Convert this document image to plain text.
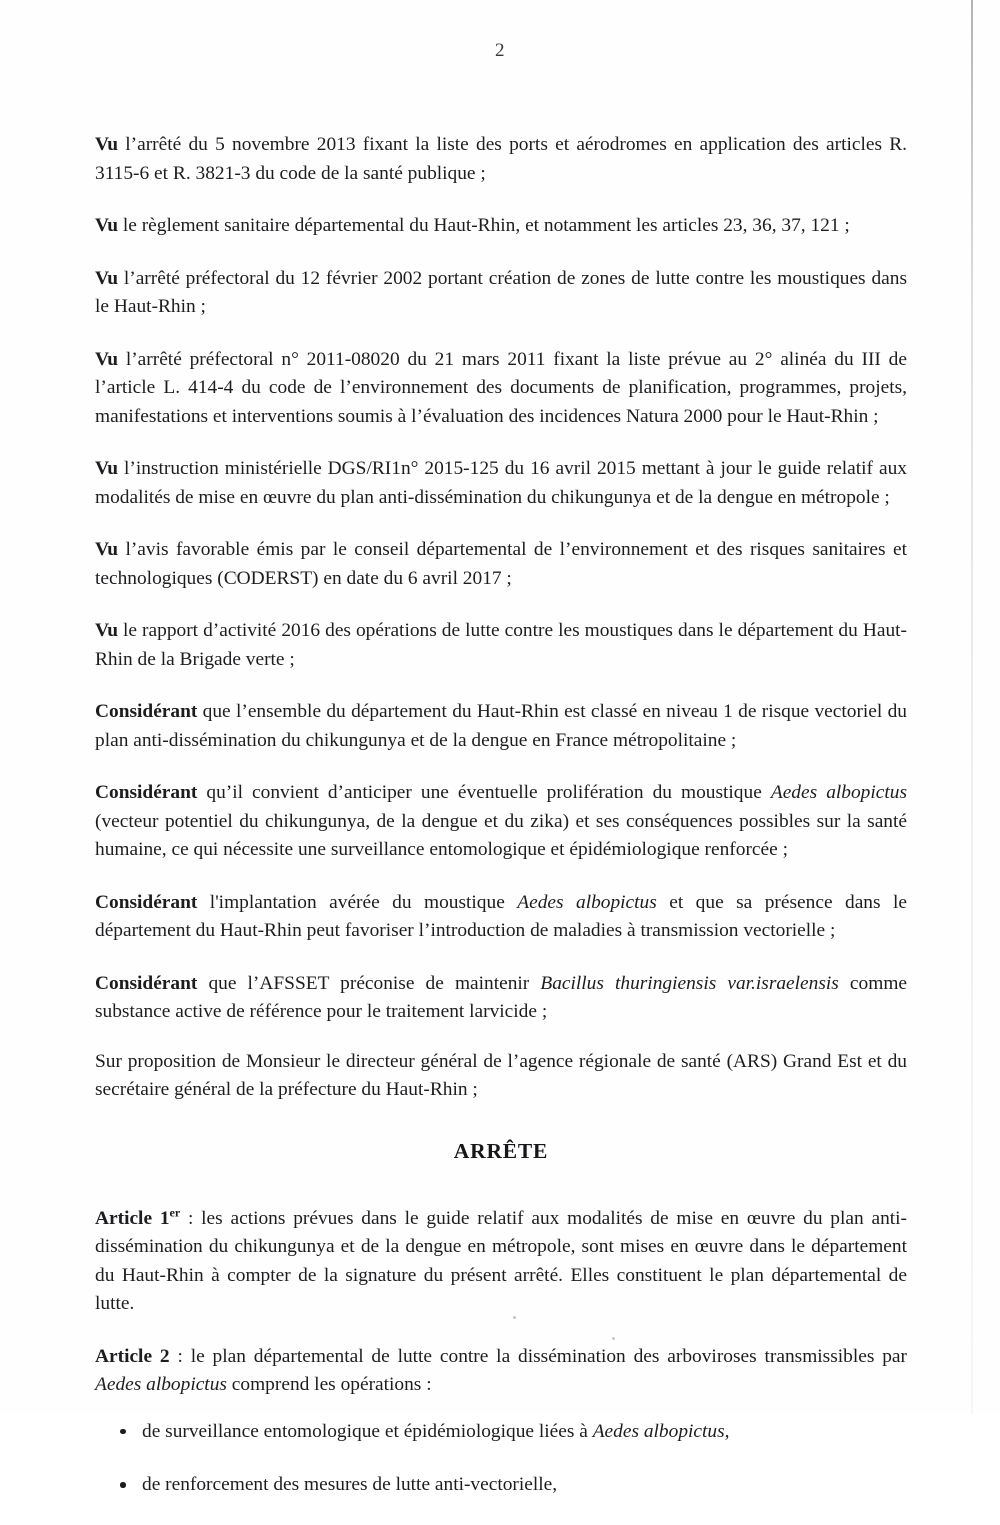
2

Vu l’arrêté du 5 novembre 2013 fixant la liste des ports et aérodromes en application des articles R. 3115-6 et R. 3821-3 du code de la santé publique ;

Vu le règlement sanitaire départemental du Haut-Rhin, et notamment les articles 23, 36, 37, 121 ;

Vu l’arrêté préfectoral du 12 février 2002 portant création de zones de lutte contre les moustiques dans le Haut-Rhin ;

Vu l’arrêté préfectoral n° 2011-08020 du 21 mars 2011 fixant la liste prévue au 2° alinéa du III de l’article L. 414-4 du code de l’environnement des documents de planification, programmes, projets, manifestations et interventions soumis à l’évaluation des incidences Natura 2000 pour le Haut-Rhin ;

Vu l’instruction ministérielle DGS/RI1n° 2015-125 du 16 avril 2015 mettant à jour le guide relatif aux modalités de mise en œuvre du plan anti-dissémination du chikungunya et de la dengue en métropole ;

Vu l’avis favorable émis par le conseil départemental de l’environnement et des risques sanitaires et technologiques (CODERST) en date du 6 avril 2017 ;

Vu le rapport d’activité 2016 des opérations de lutte contre les moustiques dans le département du Haut-Rhin de la Brigade verte ;

Considérant que l’ensemble du département du Haut-Rhin est classé en niveau 1 de risque vectoriel du plan anti-dissémination du chikungunya et de la dengue en France métropolitaine ;

Considérant qu’il convient d’anticiper une éventuelle prolifération du moustique Aedes albopictus (vecteur potentiel du chikungunya, de la dengue et du zika) et ses conséquences possibles sur la santé humaine, ce qui nécessite une surveillance entomologique et épidémiologique renforcée ;

Considérant l'implantation avérée du moustique Aedes albopictus et que sa présence dans le département du Haut-Rhin peut favoriser l’introduction de maladies à transmission vectorielle ;

Considérant que l’AFSSET préconise de maintenir Bacillus thuringiensis var.israelensis comme substance active de référence pour le traitement larvicide ;

Sur proposition de Monsieur le directeur général de l’agence régionale de santé (ARS) Grand Est et du secrétaire général de la préfecture du Haut-Rhin ;

ARRÊTE

Article 1er : les actions prévues dans le guide relatif aux modalités de mise en œuvre du plan anti-dissémination du chikungunya et de la dengue en métropole, sont mises en œuvre dans le département du Haut-Rhin à compter de la signature du présent arrêté. Elles constituent le plan départemental de lutte.

Article 2 : le plan départemental de lutte contre la dissémination des arboviroses transmissibles par Aedes albopictus comprend les opérations :

de surveillance entomologique et épidémiologique liées à Aedes albopictus,
de renforcement des mesures de lutte anti-vectorielle,
